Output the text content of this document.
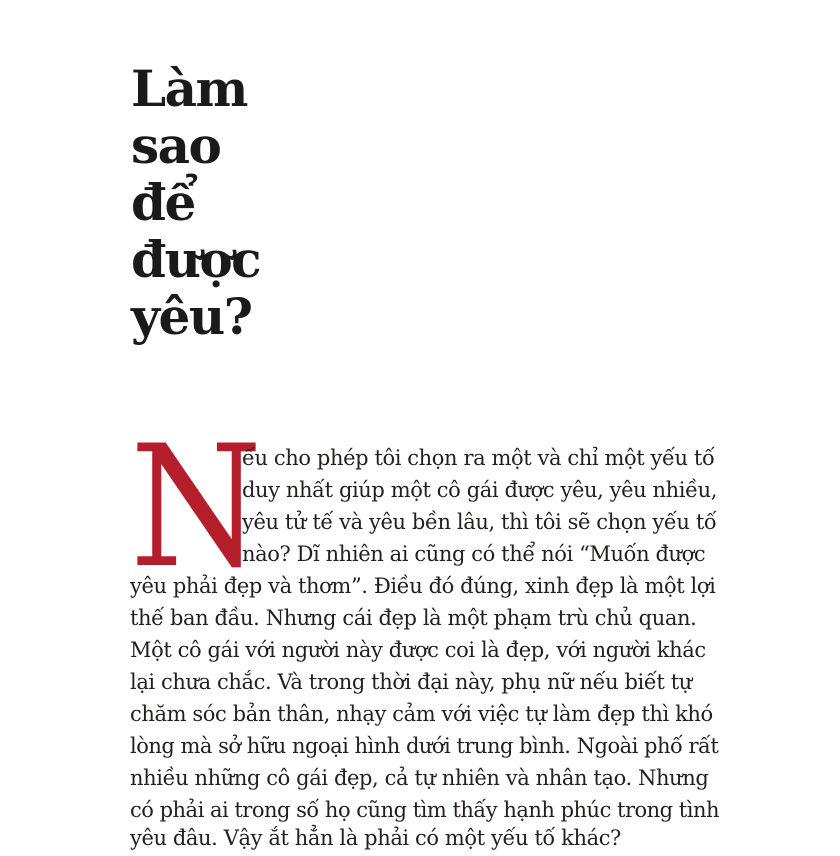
Làm
sao
để
được
yêu?
N
ếu cho phép tôi chọn ra một và chỉ một yếu tố
duy nhất giúp một cô gái được yêu, yêu nhiều,
yêu tử tế và yêu bền lâu, thì tôi sẽ chọn yếu tố
nào? Dĩ nhiên ai cũng có thể nói “Muốn được
yêu phải đẹp và thơm”. Điều đó đúng, xinh đẹp là một lợi
thế ban đầu. Nhưng cái đẹp là một phạm trù chủ quan.
Một cô gái với người này được coi là đẹp, với người khác
lại chưa chắc. Và trong thời đại này, phụ nữ nếu biết tự
chăm sóc bản thân, nhạy cảm với việc tự làm đẹp thì khó
lòng mà sở hữu ngoại hình dưới trung bình. Ngoài phố rất
nhiều những cô gái đẹp, cả tự nhiên và nhân tạo. Nhưng
có phải ai trong số họ cũng tìm thấy hạnh phúc trong tình
yêu đâu. Vậy ắt hẳn là phải có một yếu tố khác?
